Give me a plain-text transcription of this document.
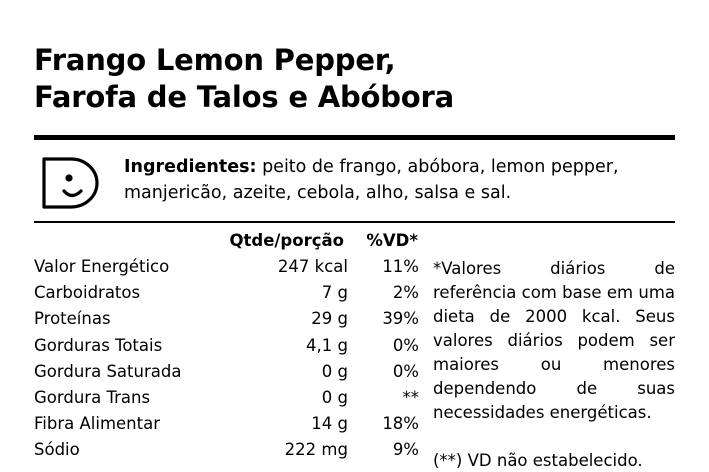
Frango Lemon Pepper,
Farofa de Talos e Abóbora
Ingredientes: peito de frango, abóbora, lemon pepper, manjericão, azeite, cebola, alho, salsa e sal.
	Qtde/porção	%VD*
Valor Energético	247 kcal	11%
Carboidratos	7 g	2%
Proteínas	29 g	39%
Gorduras Totais	4,1 g	0%
Gordura Saturada	0 g	0%
Gordura Trans	0 g	**
Fibra Alimentar	14 g	18%
Sódio	222 mg	9%

*Valores diários de referência com base em uma dieta de 2000 kcal. Seus valores diários podem ser maiores ou menores dependendo de suas necessidades energéticas.

(**) VD não estabelecido.
